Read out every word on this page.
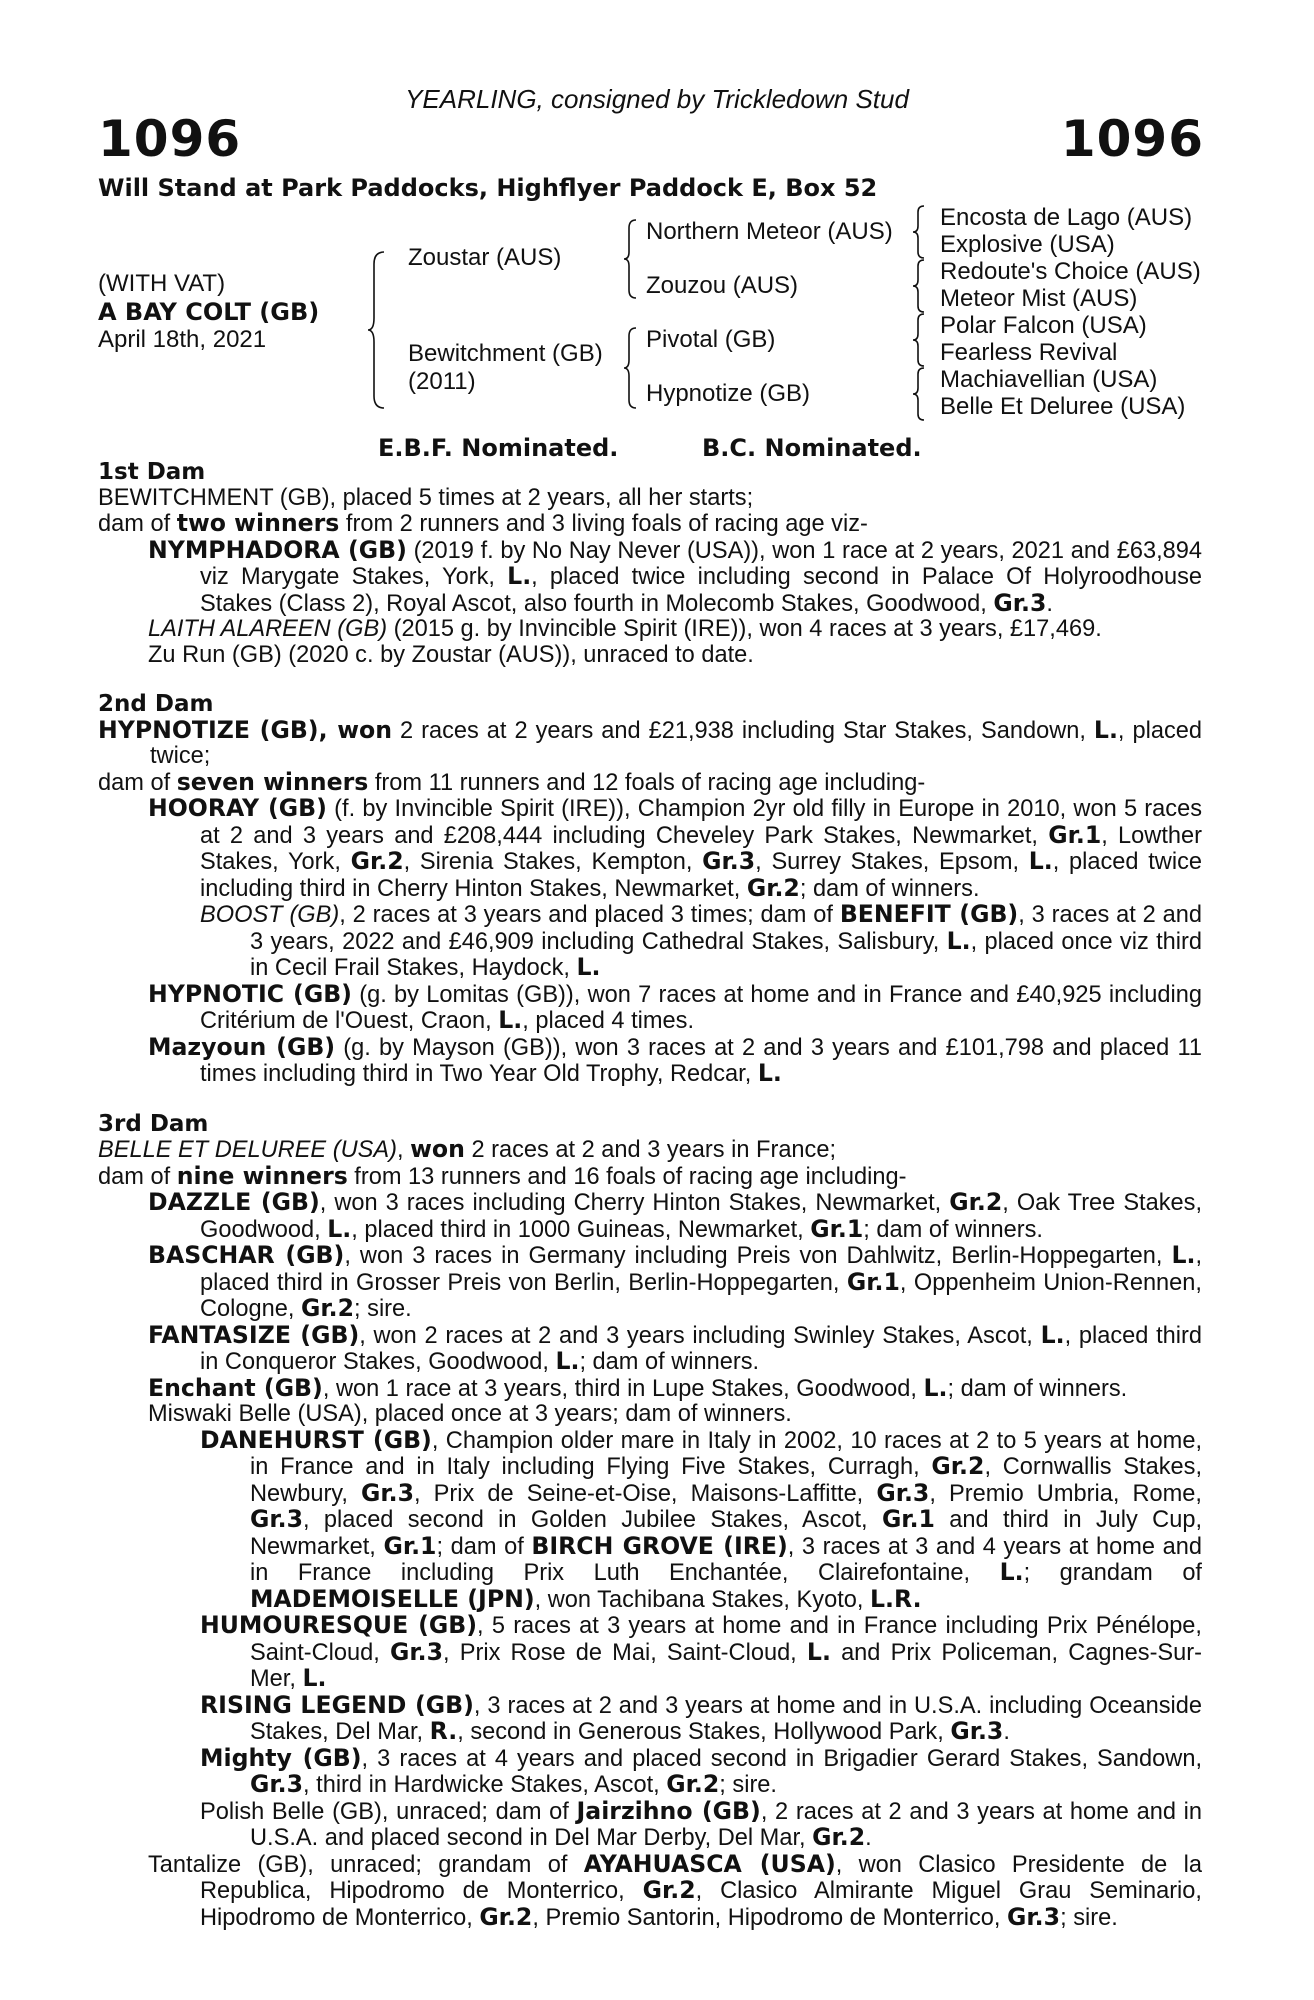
YEARLING, consigned by Trickledown Stud
1096	1096
Will Stand at Park Paddocks, Highflyer Paddock E, Box 52
(WITH VAT)
A BAY COLT (GB)
April 18th, 2021
Zoustar (AUS)
Bewitchment (GB)
(2011)
Northern Meteor (AUS)
Zouzou (AUS)
Pivotal (GB)
Hypnotize (GB)
Encosta de Lago (AUS)
Explosive (USA)
Redoute's Choice (AUS)
Meteor Mist (AUS)
Polar Falcon (USA)
Fearless Revival
Machiavellian (USA)
Belle Et Deluree (USA)
E.B.F. Nominated.	B.C. Nominated.

1st Dam

BEWITCHMENT (GB), placed 5 times at 2 years, all her starts;

dam of two winners from 2 runners and 3 living foals of racing age viz-

NYMPHADORA (GB) (2019 f. by No Nay Never (USA)), won 1 race at 2 years, 2021 and £63,894 viz Marygate Stakes, York, L., placed twice including second in Palace Of Holyroodhouse Stakes (Class 2), Royal Ascot, also fourth in Molecomb Stakes, Goodwood, Gr.3.

LAITH ALAREEN (GB) (2015 g. by Invincible Spirit (IRE)), won 4 races at 3 years, £17,469.

Zu Run (GB) (2020 c. by Zoustar (AUS)), unraced to date.

2nd Dam

HYPNOTIZE (GB), won 2 races at 2 years and £21,938 including Star Stakes, Sandown, L., placed twice;

dam of seven winners from 11 runners and 12 foals of racing age including-

HOORAY (GB) (f. by Invincible Spirit (IRE)), Champion 2yr old filly in Europe in 2010, won 5 races at 2 and 3 years and £208,444 including Cheveley Park Stakes, Newmarket, Gr.1, Lowther Stakes, York, Gr.2, Sirenia Stakes, Kempton, Gr.3, Surrey Stakes, Epsom, L., placed twice including third in Cherry Hinton Stakes, Newmarket, Gr.2; dam of winners.

BOOST (GB), 2 races at 3 years and placed 3 times; dam of BENEFIT (GB), 3 races at 2 and 3 years, 2022 and £46,909 including Cathedral Stakes, Salisbury, L., placed once viz third in Cecil Frail Stakes, Haydock, L.

HYPNOTIC (GB) (g. by Lomitas (GB)), won 7 races at home and in France and £40,925 including Critérium de l'Ouest, Craon, L., placed 4 times.

Mazyoun (GB) (g. by Mayson (GB)), won 3 races at 2 and 3 years and £101,798 and placed 11 times including third in Two Year Old Trophy, Redcar, L.

3rd Dam

BELLE ET DELUREE (USA), won 2 races at 2 and 3 years in France;

dam of nine winners from 13 runners and 16 foals of racing age including-

DAZZLE (GB), won 3 races including Cherry Hinton Stakes, Newmarket, Gr.2, Oak Tree Stakes, Goodwood, L., placed third in 1000 Guineas, Newmarket, Gr.1; dam of winners.

BASCHAR (GB), won 3 races in Germany including Preis von Dahlwitz, Berlin-Hoppegarten, L., placed third in Grosser Preis von Berlin, Berlin-Hoppegarten, Gr.1, Oppenheim Union-Rennen, Cologne, Gr.2; sire.

FANTASIZE (GB), won 2 races at 2 and 3 years including Swinley Stakes, Ascot, L., placed third in Conqueror Stakes, Goodwood, L.; dam of winners.

Enchant (GB), won 1 race at 3 years, third in Lupe Stakes, Goodwood, L.; dam of winners.

Miswaki Belle (USA), placed once at 3 years; dam of winners.

DANEHURST (GB), Champion older mare in Italy in 2002, 10 races at 2 to 5 years at home, in France and in Italy including Flying Five Stakes, Curragh, Gr.2, Cornwallis Stakes, Newbury, Gr.3, Prix de Seine-et-Oise, Maisons-Laffitte, Gr.3, Premio Umbria, Rome, Gr.3, placed second in Golden Jubilee Stakes, Ascot, Gr.1 and third in July Cup, Newmarket, Gr.1; dam of BIRCH GROVE (IRE), 3 races at 3 and 4 years at home and in France including Prix Luth Enchantée, Clairefontaine, L.; grandam of MADEMOISELLE (JPN), won Tachibana Stakes, Kyoto, L.R.

HUMOURESQUE (GB), 5 races at 3 years at home and in France including Prix Pénélope, Saint-Cloud, Gr.3, Prix Rose de Mai, Saint-Cloud, L. and Prix Policeman, Cagnes-Sur-Mer, L.

RISING LEGEND (GB), 3 races at 2 and 3 years at home and in U.S.A. including Oceanside Stakes, Del Mar, R., second in Generous Stakes, Hollywood Park, Gr.3.

Mighty (GB), 3 races at 4 years and placed second in Brigadier Gerard Stakes, Sandown, Gr.3, third in Hardwicke Stakes, Ascot, Gr.2; sire.

Polish Belle (GB), unraced; dam of Jairzihno (GB), 2 races at 2 and 3 years at home and in U.S.A. and placed second in Del Mar Derby, Del Mar, Gr.2.

Tantalize (GB), unraced; grandam of AYAHUASCA (USA), won Clasico Presidente de la Republica, Hipodromo de Monterrico, Gr.2, Clasico Almirante Miguel Grau Seminario, Hipodromo de Monterrico, Gr.2, Premio Santorin, Hipodromo de Monterrico, Gr.3; sire.
